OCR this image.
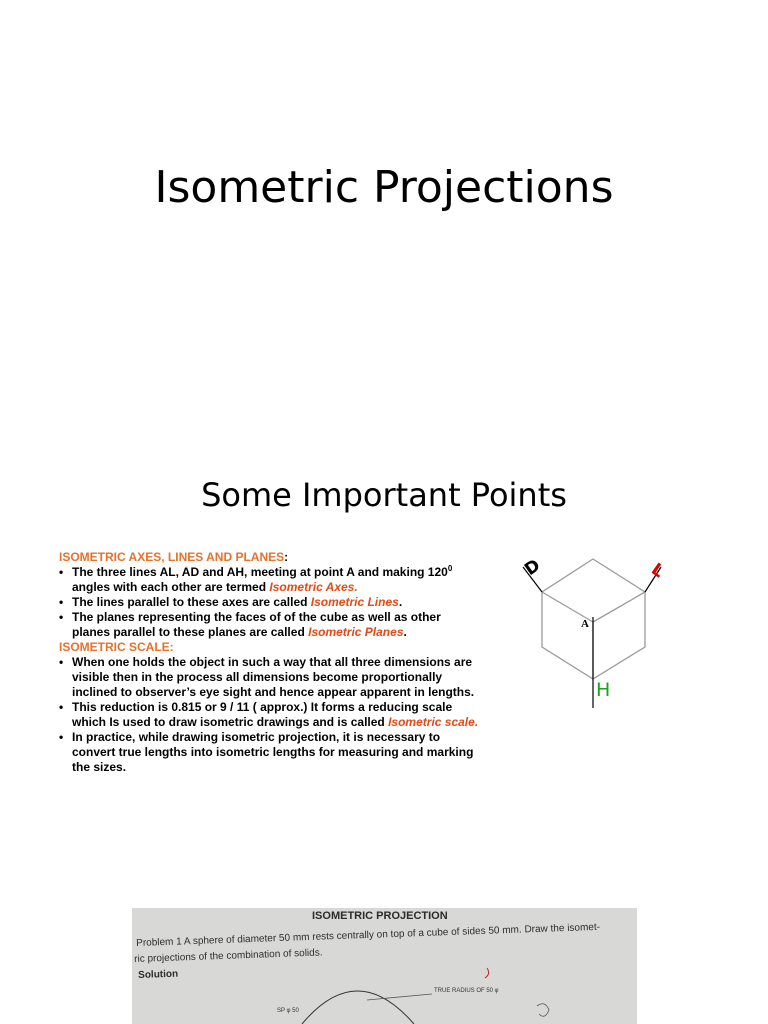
Isometric Projections
Some Important Points
ISOMETRIC AXES, LINES AND PLANES:
• The three lines AL, AD and AH, meeting at point A and making $120^0$ angles with each other are termed Isometric Axes.
• The lines parallel to these axes are called Isometric Lines.
• The planes representing the faces of of the cube as well as other planes parallel to these planes are called Isometric Planes.
ISOMETRIC SCALE:
• When one holds the object in such a way that all three dimensions are visible then in the process all dimensions become proportionally inclined to observer’s eye sight and hence appear apparent in lengths.
• This reduction is 0.815 or 9 / 11 ( approx.) It forms a reducing scale which Is used to draw isometric drawings and is called Isometric scale.
• In practice, while drawing isometric projection, it is necessary to convert true lengths into isometric lengths for measuring and marking the sizes.
A
D	L
H
ISOMETRIC PROJECTION
Problem 1 A sphere of diameter 50 mm rests centrally on top of a cube of sides 50 mm. Draw the isomet-
ric projections of the combination of solids.
Solution
TRUE RADIUS OF 50 φ
SP φ 50
